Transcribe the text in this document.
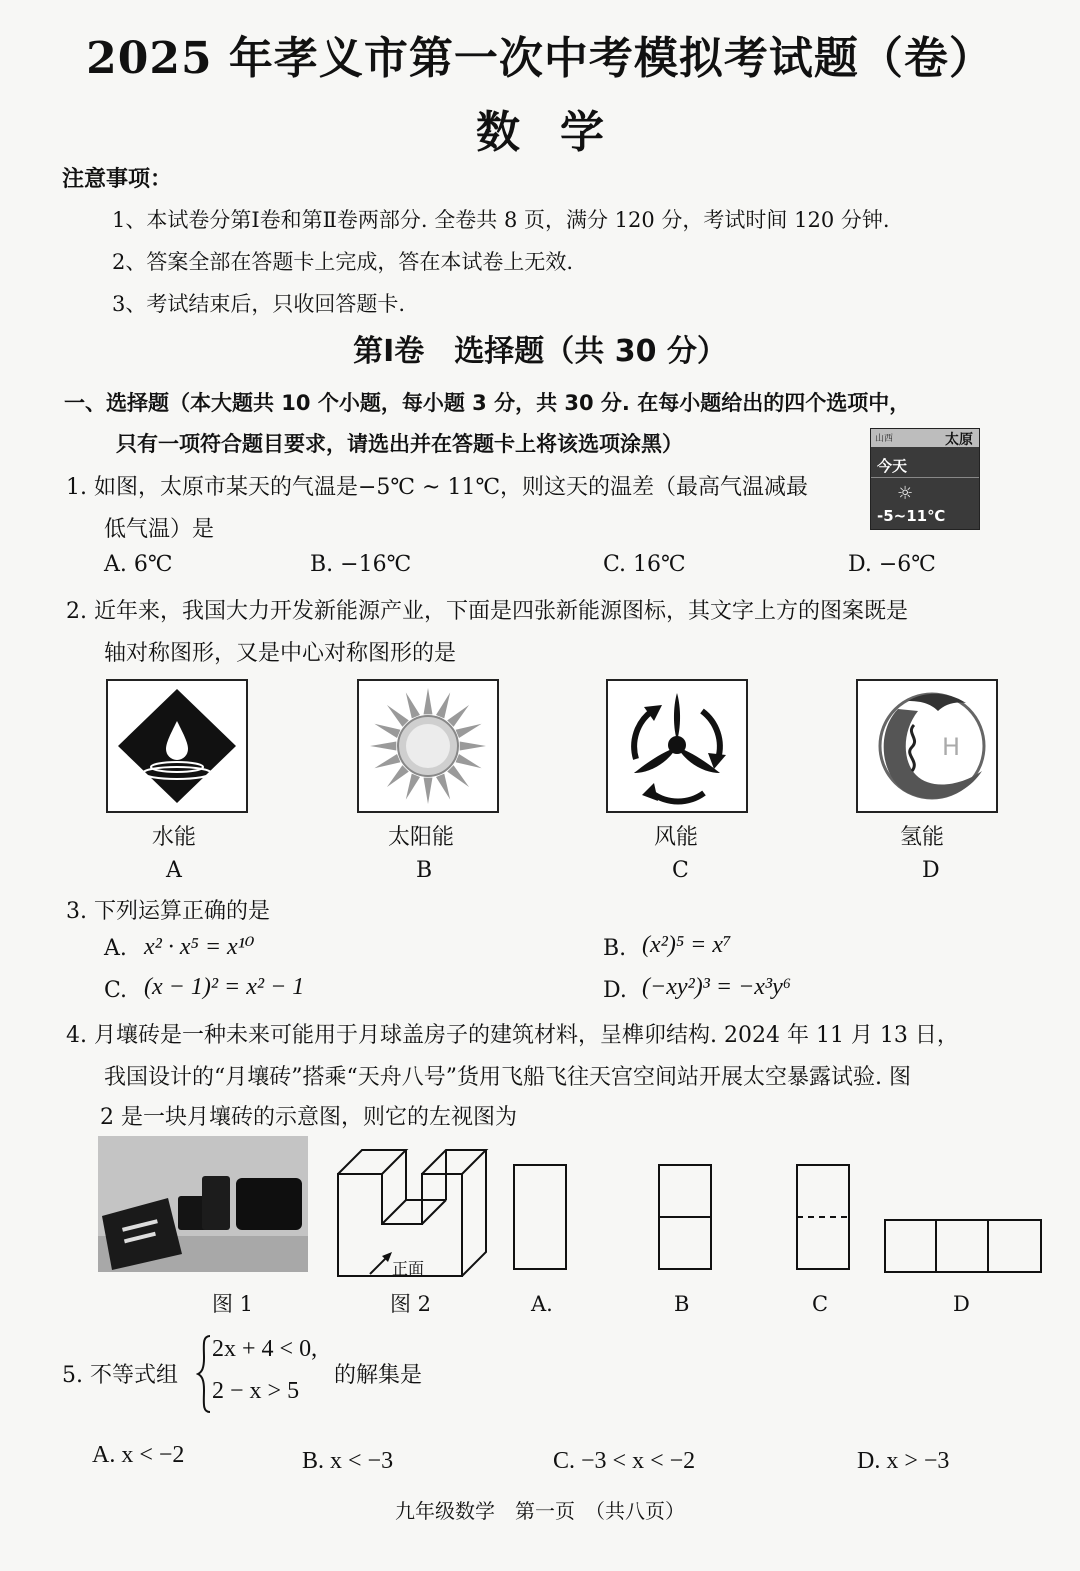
2025 年孝义市第一次中考模拟考试题（卷）
数学
注意事项：
1、本试卷分第Ⅰ卷和第Ⅱ卷两部分. 全卷共 8 页，满分 120 分，考试时间 120 分钟.
2、答案全部在答题卡上完成，答在本试卷上无效.
3、考试结束后，只收回答题卡.
第Ⅰ卷　选择题（共 30 分）
一、选择题（本大题共 10 个小题，每小题 3 分，共 30 分. 在每小题给出的四个选项中，
只有一项符合题目要求，请选出并在答题卡上将该选项涂黑）
1. 如图，太原市某天的气温是−5℃ ~ 11℃，则这天的温差（最高气温减最
低气温）是
山西	太原
今天
☼
-5~11℃
A. 6℃	B. −16℃	C. 16℃	D. −6℃
2. 近年来，我国大力开发新能源产业，下面是四张新能源图标，其文字上方的图案既是
轴对称图形，又是中心对称图形的是
H
水能	太阳能	风能	氢能
A	B	C	D
3. 下列运算正确的是
A. x² · x⁵ = x¹⁰	B. (x²)⁵ = x⁷
C. (x − 1)² = x² − 1	D. (−xy²)³ = −x³y⁶
4. 月壤砖是一种未来可能用于月球盖房子的建筑材料，呈榫卯结构. 2024 年 11 月 13 日，
我国设计的“月壤砖”搭乘“天舟八号”货用飞船飞往天宫空间站开展太空暴露试验. 图
2 是一块月壤砖的示意图，则它的左视图为
正面
图 1	图 2	A.	B	C	D
5. 不等式组
2x + 4 < 0,
2 − x > 5
的解集是
A. x < −2	B. x < −3	C. −3 < x < −2	D. x > −3
九年级数学　第一页　（共八页）
